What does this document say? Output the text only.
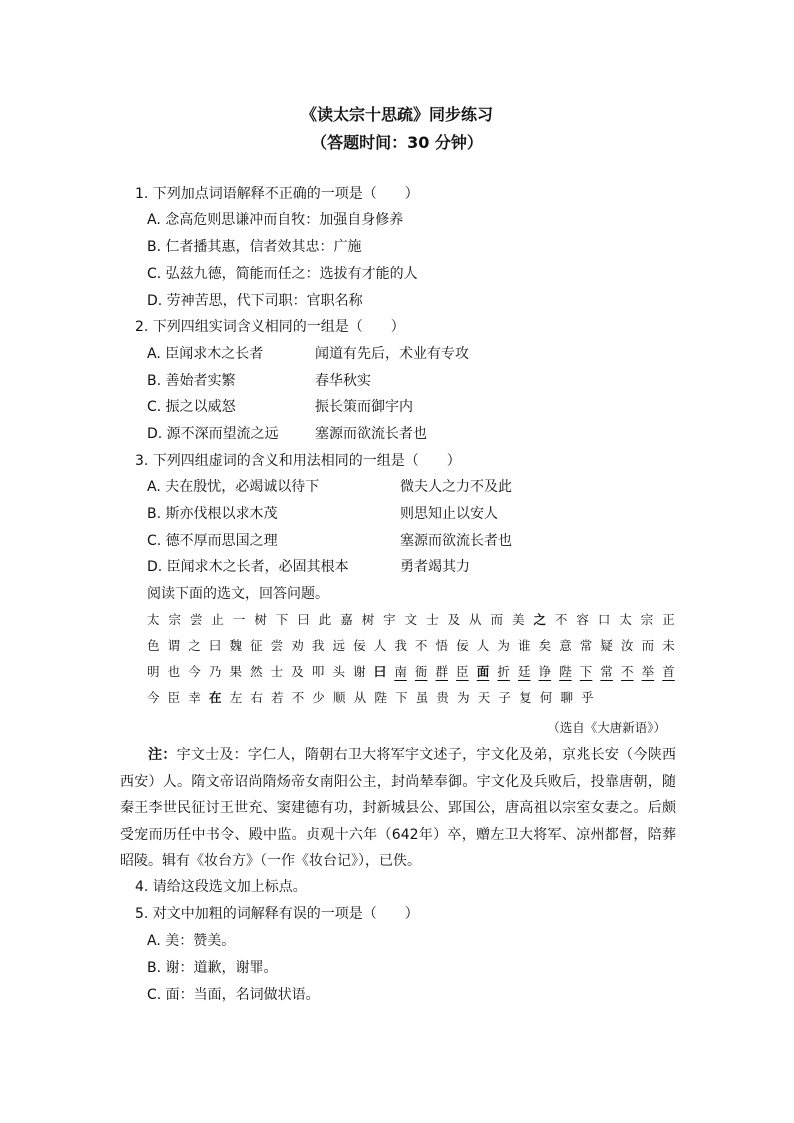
《读太宗十思疏》同步练习
（答题时间：30 分钟）
1. 下列加点词语解释不正确的一项是（　　）
A. 念高危则思谦冲而自牧：加强自身修养
B. 仁者播其惠，信者效其忠：广施
C. 弘兹九德，简能而任之：选拔有才能的人
D. 劳神苦思，代下司职：官职名称
2. 下列四组实词含义相同的一组是（　　）
A. 臣闻求木之长者	闻道有先后，术业有专攻
B. 善始者实繁	春华秋实
C. 振之以威怒	振长策而御宇内
D. 源不深而望流之远	塞源而欲流长者也
3. 下列四组虚词的含义和用法相同的一组是（　　）
A. 夫在殷忧，必竭诚以待下	微夫人之力不及此
B. 斯亦伐根以求木茂	则思知止以安人
C. 德不厚而思国之理	塞源而欲流长者也
D. 臣闻求木之长者，必固其根本	勇者竭其力
阅读下面的选文，回答问题。
太 宗 尝 止 一 树 下 曰 此 嘉 树 宇 文 士 及 从 而 美 之 不 容 口 太 宗 正
色 谓 之 曰 魏 征 尝 劝 我 远 佞 人 我 不 悟 佞 人 为 谁 矣 意 常 疑 汝 而 未
明 也 今 乃 果 然 士 及 叩 头 谢 曰 南 衙 群 臣 面 折 廷 诤 陛 下 常 不 举 首
今 臣 幸 在 左 右 若 不 少 顺 从 陛 下 虽 贵 为 天 子 复 何 聊 乎
（选自《大唐新语》）
注：宇文士及：字仁人，隋朝右卫大将军宇文述子，宇文化及弟，京兆长安（今陕西西安）人。隋文帝诏尚隋炀帝女南阳公主，封尚辇奉御。宇文化及兵败后，投靠唐朝，随秦王李世民征讨王世充、窦建德有功，封新城县公、郢国公，唐高祖以宗室女妻之。后颇受宠而历任中书令、殿中监。贞观十六年（642年）卒，赠左卫大将军、凉州都督，陪葬昭陵。辑有《妆台方》（一作《妆台记》），已佚。
4. 请给这段选文加上标点。
5. 对文中加粗的词解释有误的一项是（　　）
A. 美：赞美。
B. 谢：道歉，谢罪。
C. 面：当面，名词做状语。
